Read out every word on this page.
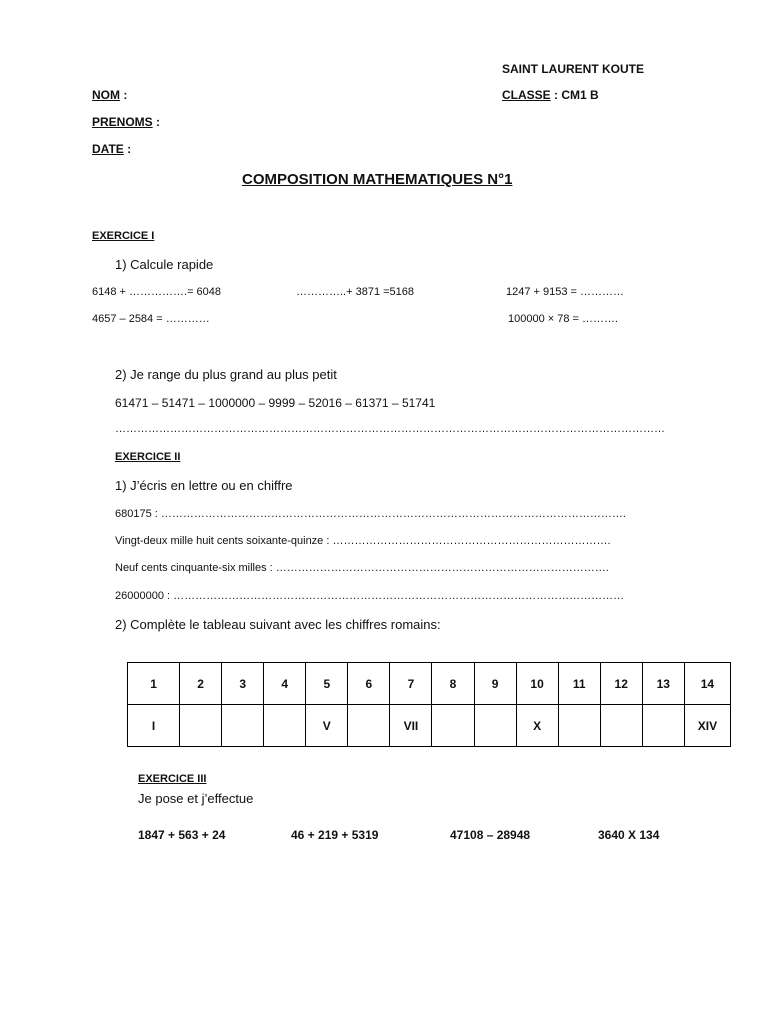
SAINT LAURENT KOUTE
NOM :	CLASSE : CM1 B
PRENOMS :
DATE :
COMPOSITION MATHEMATIQUES N°1
EXERCICE I
1) Calcule rapide
6148 + …………….= 6048	…………..+ 3871 =5168	1247 + 9153 = …………
4657 – 2584 = …………	100000 × 78 = ……….
2) Je range du plus grand au plus petit
61471 – 51471 – 1000000 – 9999 – 52016 – 61371 – 51741
……………………………………………………………………………………………………………………………………
EXERCICE II
1) J’écris en lettre ou en chiffre
680175 : ……………………………………………………………………………………………………………….
Vingt-deux mille huit cents soixante-quinze : ………………………………………………………………….
Neuf cents cinquante-six milles : ……………………………………………………………………………….
26000000 : ……………………………………………………………………………………………………………
2) Complète le tableau suivant avec les chiffres romains:
1	2	3	4	5	6	7	8	9	10	11	12	13	14
I				V		VII			X				XIV
EXERCICE III
Je pose et j’effectue
1847 + 563 + 24	46 + 219 + 5319	47108 – 28948	3640 X 134
